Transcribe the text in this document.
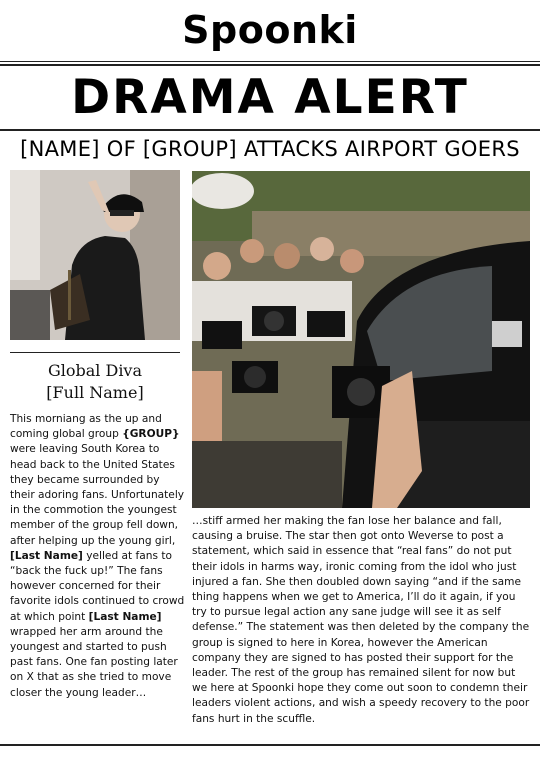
Spoonki
DRAMA ALERT
[NAME] OF [GROUP] ATTACKS AIRPORT GOERS
Global Diva
[Full Name]
This morniang as the up and coming global group {GROUP} were leaving South Korea to head back to the United States they became surrounded by their adoring fans. Unfortunately in the commotion the youngest member of the group fell down, after helping up the young girl, [Last Name] yelled at fans to “back the fuck up!” The fans however concerned for their favorite idols continued to crowd at which point [Last Name] wrapped her arm around the youngest and started to push past fans. One fan posting later on X that as she tried to move closer the young leader…
…stiff armed her making the fan lose her balance and fall, causing a bruise. The star then got onto Weverse to post a statement, which said in essence that “real fans” do not put their idols in harms way, ironic coming from the idol who just injured a fan. She then doubled down saying “and if the same thing happens when we get to America, I’ll do it again, if you try to pursue legal action any sane judge will see it as self defense.” The statement was then deleted by the company the group is signed to here in Korea, however the American company they are signed to has posted their support for the leader. The rest of the group has remained silent for now but we here at Spoonki hope they come out soon to condemn their leaders violent actions, and wish a speedy recovery to the poor fans hurt in the scuffle.
